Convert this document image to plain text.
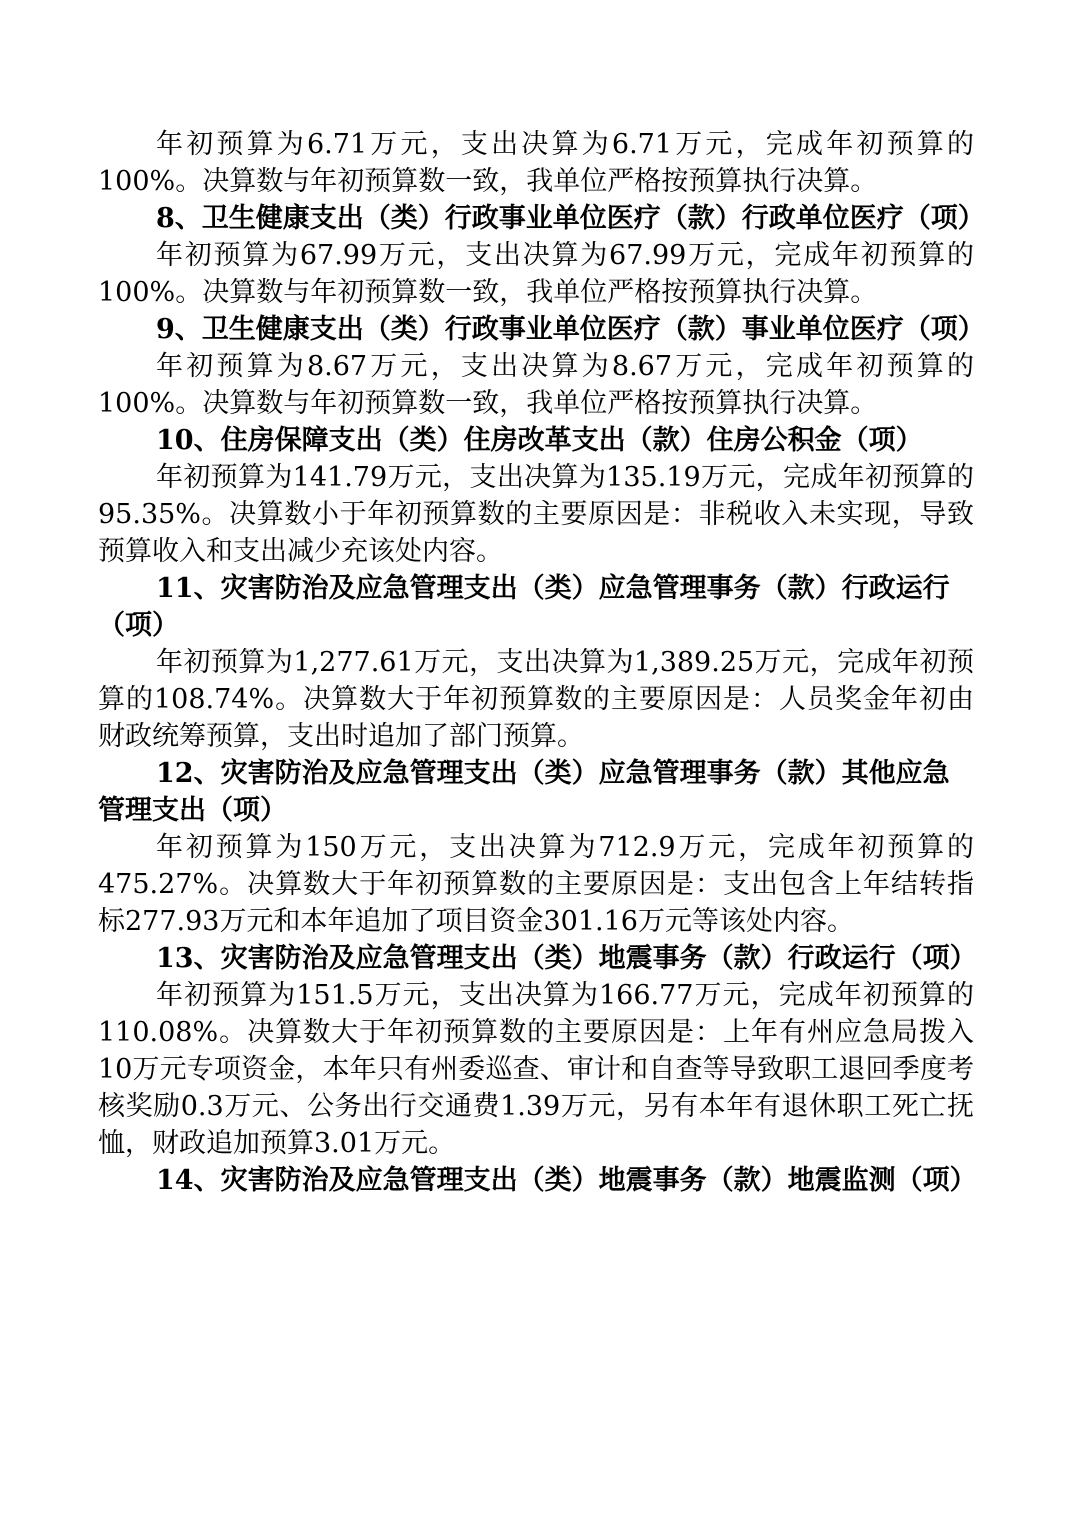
年初预算为6.71万元，支出决算为6.71万元，完成年初预算的100%。决算数与年初预算数一致，我单位严格按预算执行决算。

8、卫生健康支出（类）行政事业单位医疗（款）行政单位医疗（项）

年初预算为67.99万元，支出决算为67.99万元，完成年初预算的100%。决算数与年初预算数一致，我单位严格按预算执行决算。

9、卫生健康支出（类）行政事业单位医疗（款）事业单位医疗（项）

年初预算为8.67万元，支出决算为8.67万元，完成年初预算的100%。决算数与年初预算数一致，我单位严格按预算执行决算。

10、住房保障支出（类）住房改革支出（款）住房公积金（项）

年初预算为141.79万元，支出决算为135.19万元，完成年初预算的95.35%。决算数小于年初预算数的主要原因是：非税收入未实现，导致预算收入和支出减少充该处内容。

11、灾害防治及应急管理支出（类）应急管理事务（款）行政运行（项）

年初预算为1,277.61万元，支出决算为1,389.25万元，完成年初预算的108.74%。决算数大于年初预算数的主要原因是：人员奖金年初由财政统筹预算，支出时追加了部门预算。

12、灾害防治及应急管理支出（类）应急管理事务（款）其他应急管理支出（项）

年初预算为150万元，支出决算为712.9万元，完成年初预算的475.27%。决算数大于年初预算数的主要原因是：支出包含上年结转指标277.93万元和本年追加了项目资金301.16万元等该处内容。

13、灾害防治及应急管理支出（类）地震事务（款）行政运行（项）

年初预算为151.5万元，支出决算为166.77万元，完成年初预算的110.08%。决算数大于年初预算数的主要原因是：上年有州应急局拨入10万元专项资金，本年只有州委巡查、审计和自查等导致职工退回季度考核奖励0.3万元、公务出行交通费1.39万元，另有本年有退休职工死亡抚恤，财政追加预算3.01万元。

14、灾害防治及应急管理支出（类）地震事务（款）地震监测（项）
